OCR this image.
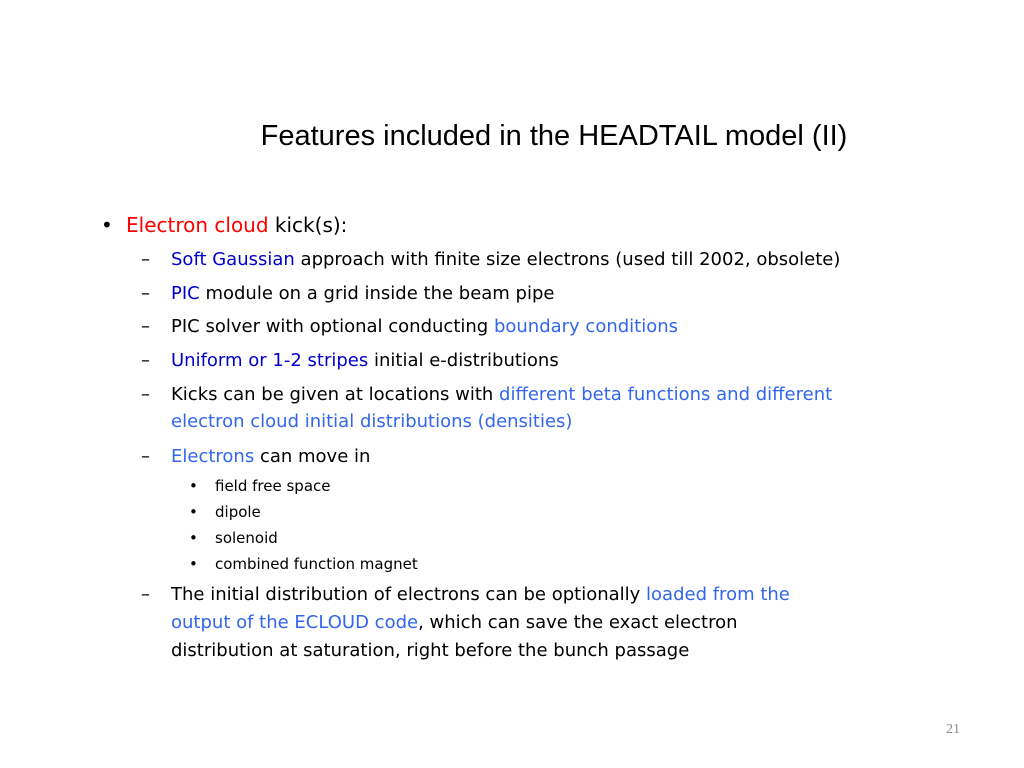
Features included in the HEADTAIL model (II)
• Electron cloud kick(s):
– Soft Gaussian approach with finite size electrons (used till 2002, obsolete)
– PIC module on a grid inside the beam pipe
– PIC solver with optional conducting boundary conditions
– Uniform or 1-2 stripes initial e-distributions
– Kicks can be given at locations with different beta functions and different
electron cloud initial distributions (densities)
– Electrons can move in
• field free space
• dipole
• solenoid
• combined function magnet
– The initial distribution of electrons can be optionally loaded from the
output of the ECLOUD code, which can save the exact electron
distribution at saturation, right before the bunch passage
21
